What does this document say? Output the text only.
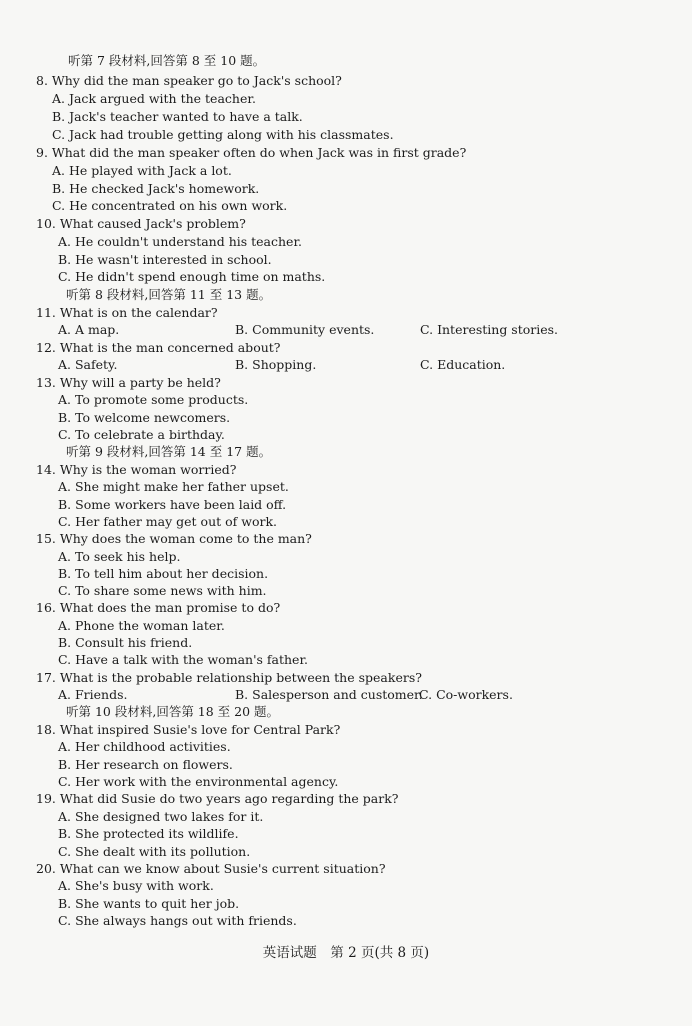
听第 7 段材料,回答第 8 至 10 题。
8. Why did the man speaker go to Jack's school?
A. Jack argued with the teacher.
B. Jack's teacher wanted to have a talk.
C. Jack had trouble getting along with his classmates.
9. What did the man speaker often do when Jack was in first grade?
A. He played with Jack a lot.
B. He checked Jack's homework.
C. He concentrated on his own work.
10. What caused Jack's problem?
A. He couldn't understand his teacher.
B. He wasn't interested in school.
C. He didn't spend enough time on maths.
听第 8 段材料,回答第 11 至 13 题。
11. What is on the calendar?
A. A map.	B. Community events.	C. Interesting stories.
12. What is the man concerned about?
A. Safety.	B. Shopping.	C. Education.
13. Why will a party be held?
A. To promote some products.
B. To welcome newcomers.
C. To celebrate a birthday.
听第 9 段材料,回答第 14 至 17 题。
14. Why is the woman worried?
A. She might make her father upset.
B. Some workers have been laid off.
C. Her father may get out of work.
15. Why does the woman come to the man?
A. To seek his help.
B. To tell him about her decision.
C. To share some news with him.
16. What does the man promise to do?
A. Phone the woman later.
B. Consult his friend.
C. Have a talk with the woman's father.
17. What is the probable relationship between the speakers?
A. Friends.	B. Salesperson and customer.
C. Co-workers.
听第 10 段材料,回答第 18 至 20 题。
18. What inspired Susie's love for Central Park?
A. Her childhood activities.
B. Her research on flowers.
C. Her work with the environmental agency.
19. What did Susie do two years ago regarding the park?
A. She designed two lakes for it.
B. She protected its wildlife.
C. She dealt with its pollution.
20. What can we know about Susie's current situation?
A. She's busy with work.
B. She wants to quit her job.
C. She always hangs out with friends.
英语试题　第 2 页(共 8 页)
